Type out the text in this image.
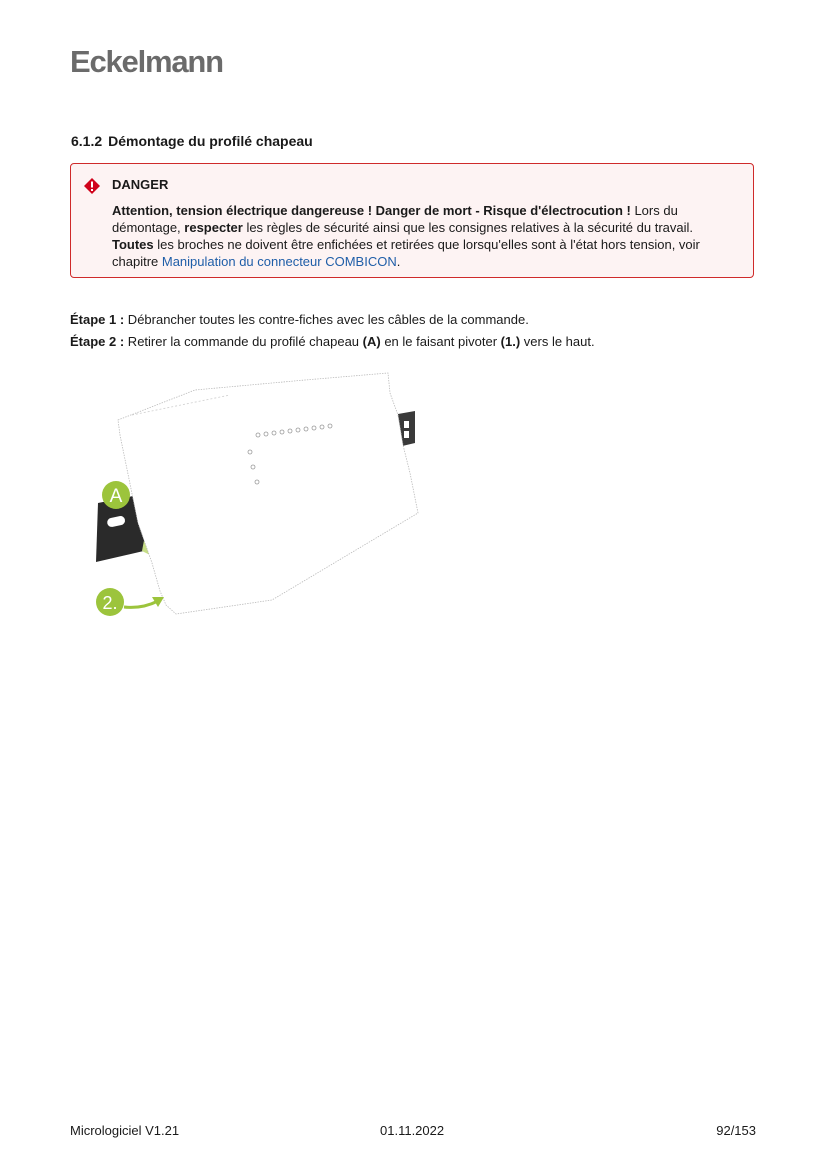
Eckelmann
6.1.2 Démontage du profilé chapeau
DANGER
Attention, tension électrique dangereuse ! Danger de mort - Risque d'électrocution ! Lors du démontage, respecter les règles de sécurité ainsi que les consignes relatives à la sécurité du travail. Toutes les broches ne doivent être enfichées et retirées que lorsqu'elles sont à l'état hors tension, voir chapitre Manipulation du connecteur COMBICON.
Étape 1 : Débrancher toutes les contre-fiches avec les câbles de la commande.
Étape 2 : Retirer la commande du profilé chapeau (A) en le faisant pivoter (1.) vers le haut.
A
2.
Micrologiciel V1.21	01.11.2022	92/153
